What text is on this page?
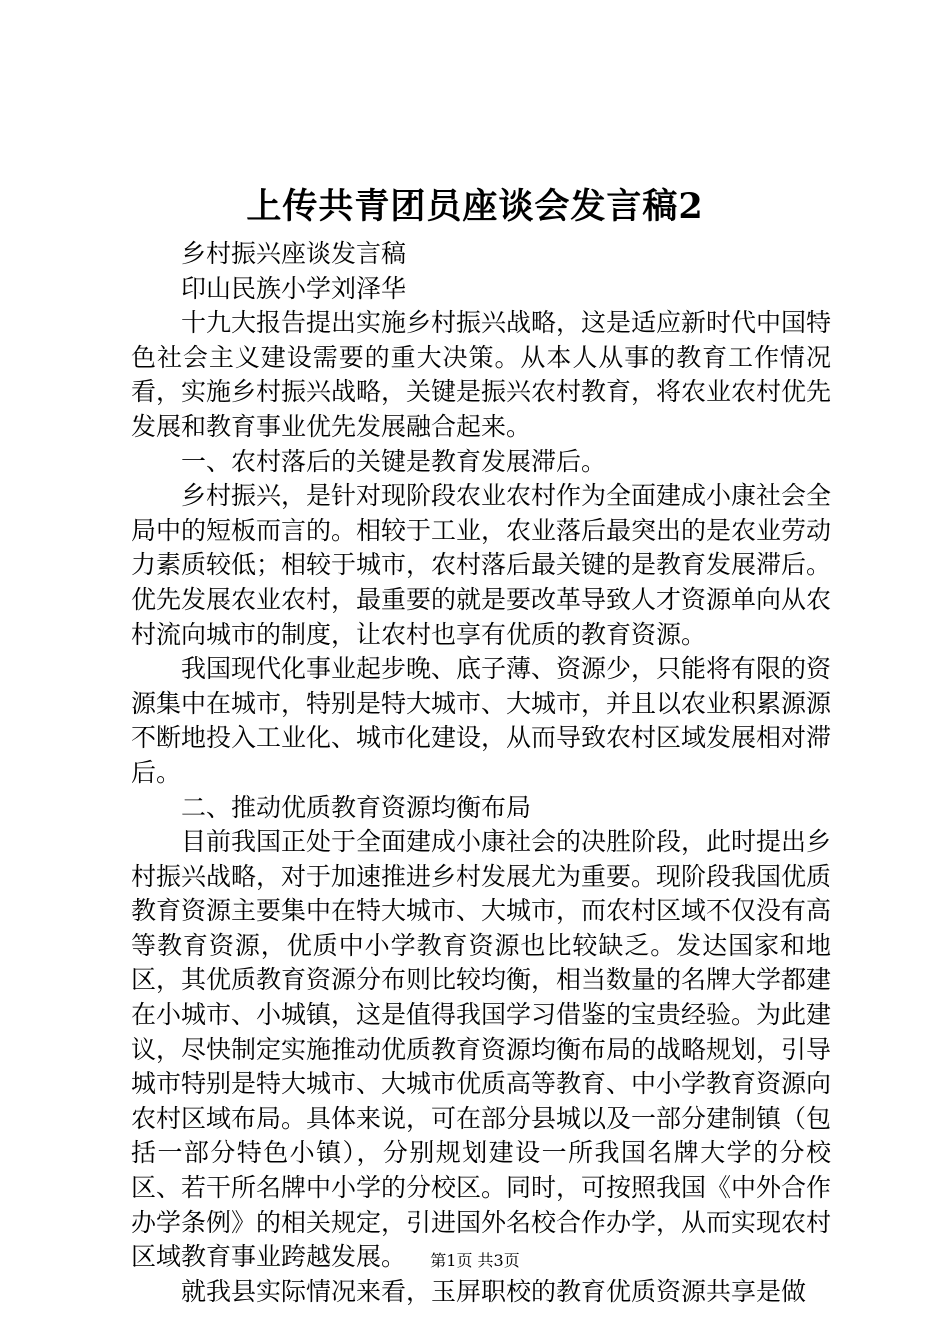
上传共青团员座谈会发言稿2

乡村振兴座谈发言稿

印山民族小学刘泽华

十九大报告提出实施乡村振兴战略，这是适应新时代中国特色社会主义建设需要的重大决策。从本人从事的教育工作情况看，实施乡村振兴战略，关键是振兴农村教育，将农业农村优先发展和教育事业优先发展融合起来。

一、农村落后的关键是教育发展滞后。

乡村振兴，是针对现阶段农业农村作为全面建成小康社会全局中的短板而言的。相较于工业，农业落后最突出的是农业劳动力素质较低；相较于城市，农村落后最关键的是教育发展滞后。优先发展农业农村，最重要的就是要改革导致人才资源单向从农村流向城市的制度，让农村也享有优质的教育资源。

我国现代化事业起步晚、底子薄、资源少，只能将有限的资源集中在城市，特别是特大城市、大城市，并且以农业积累源源不断地投入工业化、城市化建设，从而导致农村区域发展相对滞后。

二、推动优质教育资源均衡布局

目前我国正处于全面建成小康社会的决胜阶段，此时提出乡村振兴战略，对于加速推进乡村发展尤为重要。现阶段我国优质教育资源主要集中在特大城市、大城市，而农村区域不仅没有高等教育资源，优质中小学教育资源也比较缺乏。发达国家和地区，其优质教育资源分布则比较均衡，相当数量的名牌大学都建在小城市、小城镇，这是值得我国学习借鉴的宝贵经验。为此建议，尽快制定实施推动优质教育资源均衡布局的战略规划，引导城市特别是特大城市、大城市优质高等教育、中小学教育资源向农村区域布局。具体来说，可在部分县城以及一部分建制镇（包括一部分特色小镇），分别规划建设一所我国名牌大学的分校区、若干所名牌中小学的分校区。同时，可按照我国《中外合作办学条例》的相关规定，引进国外名校合作办学，从而实现农村区域教育事业跨越发展。

就我县实际情况来看，玉屏职校的教育优质资源共享是做

第1页 共3页
